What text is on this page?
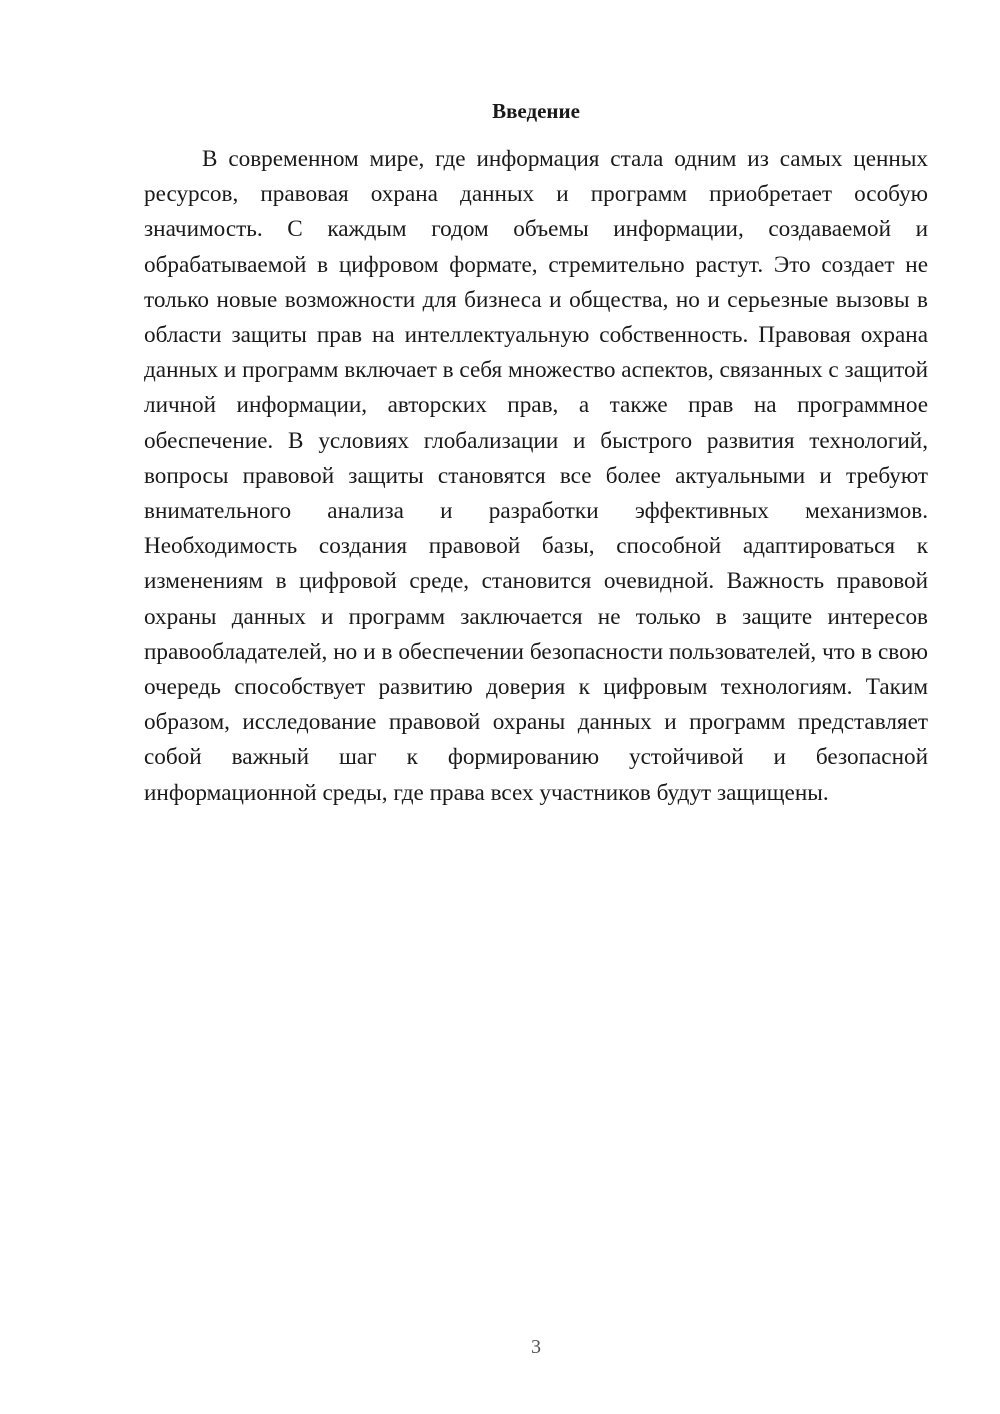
Введение

В современном мире, где информация стала одним из самых ценных ресурсов, правовая охрана данных и программ приобретает особую значимость. С каждым годом объемы информации, создаваемой и обрабатываемой в цифровом формате, стремительно растут. Это создает не только новые возможности для бизнеса и общества, но и серьезные вызовы в области защиты прав на интеллектуальную собственность. Правовая охрана данных и программ включает в себя множество аспектов, связанных с защитой личной информации, авторских прав, а также прав на программное обеспечение. В условиях глобализации и быстрого развития технологий, вопросы правовой защиты становятся все более актуальными и требуют внимательного анализа и разработки эффективных механизмов. Необходимость создания правовой базы, способной адаптироваться к изменениям в цифровой среде, становится очевидной. Важность правовой охраны данных и программ заключается не только в защите интересов правообладателей, но и в обеспечении безопасности пользователей, что в свою очередь способствует развитию доверия к цифровым технологиям. Таким образом, исследование правовой охраны данных и программ представляет собой важный шаг к формированию устойчивой и безопасной информационной среды, где права всех участников будут защищены.

3
